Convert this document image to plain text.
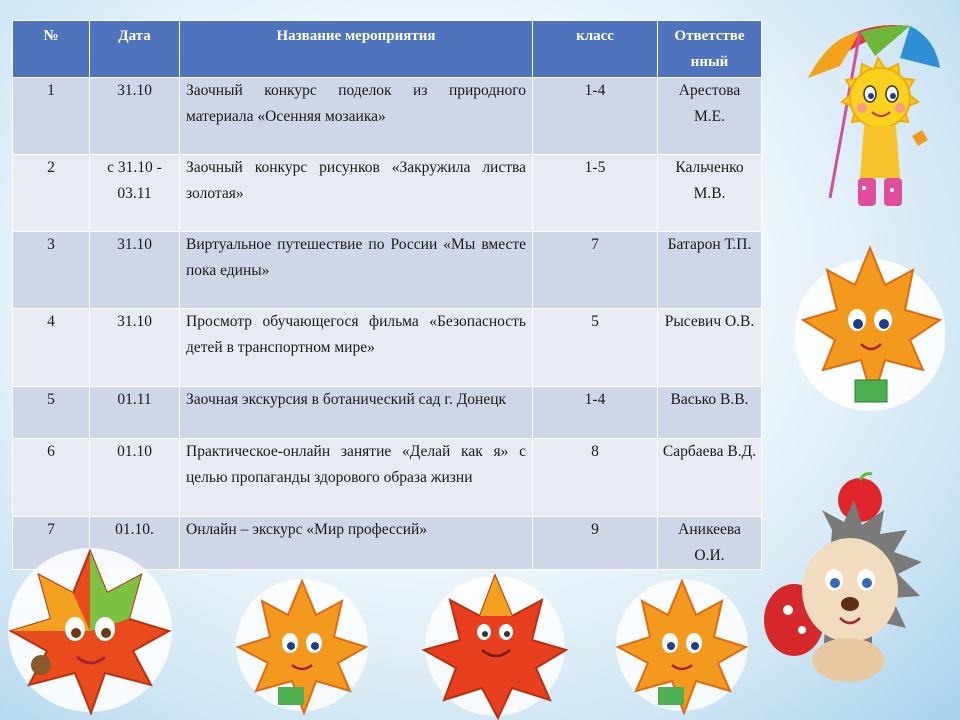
№	Дата	Название мероприятия	класс	Ответстве нный
1	31.10	Заочный конкурс поделок из природного материала «Осенняя мозаика»	1-4	Арестова М.Е.
2	с 31.10 - 03.11	Заочный конкурс рисунков «Закружила листва золотая»	1-5	Кальченко М.В.
3	31.10	Виртуальное путешествие по России «Мы вместе пока едины»	7	Батарон Т.П.
4	31.10	Просмотр обучающегося фильма «Безопасность детей в транспортном мире»	5	Рысевич О.В.
5	01.11	Заочная экскурсия в ботанический сад г. Донецк	1-4	Васько В.В.
6	01.10	Практическое-онлайн занятие «Делай как я» с целью пропаганды здорового образа жизни	8	Сарбаева В.Д.
7	01.10.	Онлайн – экскурс «Мир профессий»	9	Аникеева О.И.
